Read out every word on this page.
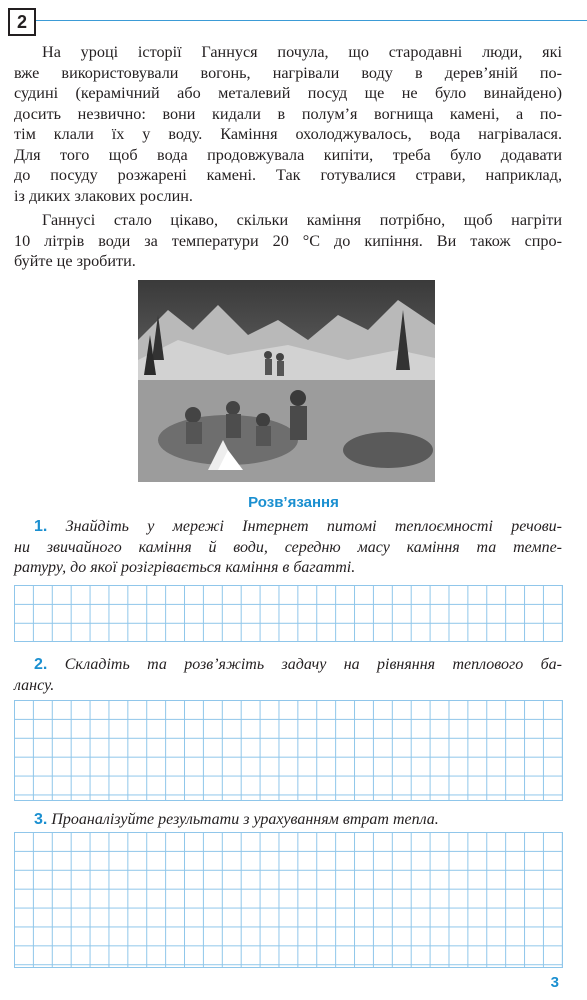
2
На уроці історії Ганнуся почула, що стародавні люди, які
вже використовували вогонь, нагрівали воду в дерев’яній по-
судині (керамічний або металевий посуд ще не було винайдено)
досить незвично: вони кидали в полум’я вогнища камені, а по-
тім клали їх у воду. Каміння охолоджувалось, вода нагрівалася.
Для того щоб вода продовжувала кипіти, треба було додавати
до посуду розжарені камені. Так готувалися страви, наприклад,
із диких злакових рослин.
Ганнусі стало цікаво, скільки каміння потрібно, щоб нагріти
10 літрів води за температури 20 °C до кипіння. Ви також спро-
буйте це зробити.
Розв’язання
1. Знайдіть у мережі Інтернет питомі теплоємності речови-
ни звичайного каміння й води, середню масу каміння та темпе-
ратуру, до якої розігрівається каміння в багатті.
2. Складіть та розв’яжіть задачу на рівняння теплового ба-
лансу.
3. Проаналізуйте результати з урахуванням втрат тепла.
3
